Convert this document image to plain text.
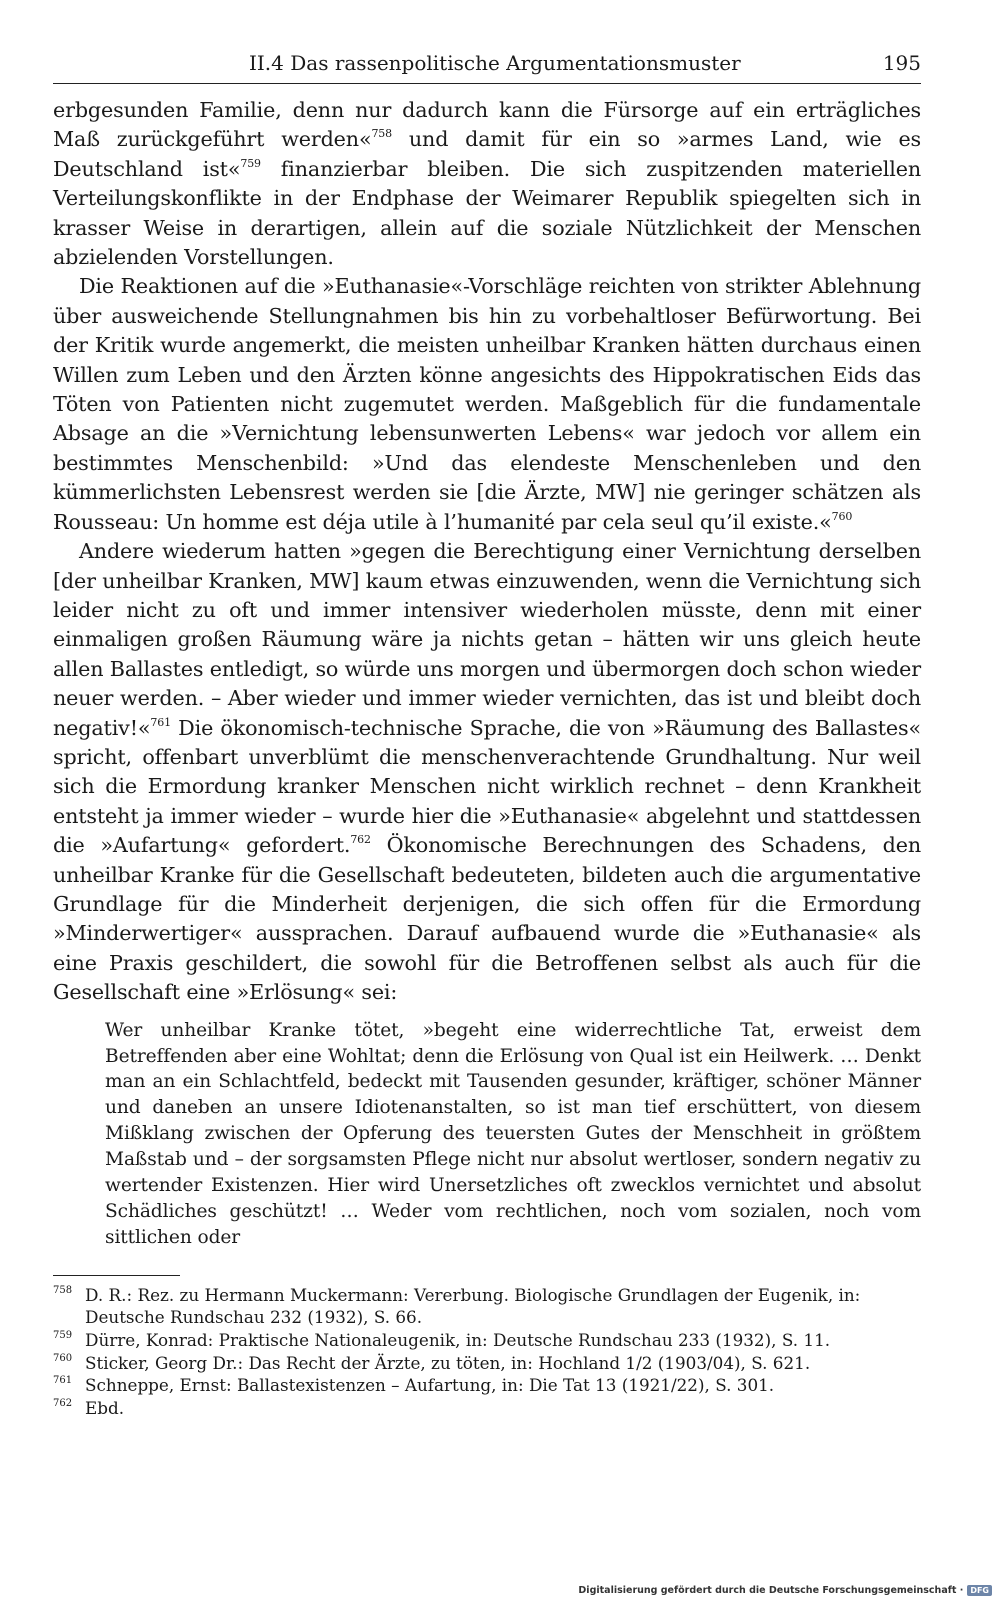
II.4 Das rassenpolitische Argumentationsmuster	195

erbgesunden Familie, denn nur dadurch kann die Fürsorge auf ein erträgliches Maß zurückgeführt werden«$^{758}$ und damit für ein so »armes Land, wie es Deutschland ist«$^{759}$ finanzierbar bleiben. Die sich zuspitzenden materiellen Verteilungskonflikte in der Endphase der Weimarer Republik spiegelten sich in krasser Weise in derartigen, allein auf die soziale Nützlichkeit der Menschen abzielenden Vorstellungen.

Die Reaktionen auf die »Euthanasie«-Vorschläge reichten von strikter Ablehnung über ausweichende Stellungnahmen bis hin zu vorbehaltloser Befürwortung. Bei der Kritik wurde angemerkt, die meisten unheilbar Kranken hätten durchaus einen Willen zum Leben und den Ärzten könne angesichts des Hippokratischen Eids das Töten von Patienten nicht zugemutet werden. Maßgeblich für die fundamentale Absage an die »Vernichtung lebensunwerten Lebens« war jedoch vor allem ein bestimmtes Menschenbild: »Und das elendeste Menschenleben und den kümmerlichsten Lebensrest werden sie [die Ärzte, MW] nie geringer schätzen als Rousseau: Un homme est déja utile à l’humanité par cela seul qu’il existe.«$^{760}$

Andere wiederum hatten »gegen die Berechtigung einer Vernichtung derselben [der unheilbar Kranken, MW] kaum etwas einzuwenden, wenn die Vernichtung sich leider nicht zu oft und immer intensiver wiederholen müsste, denn mit einer einmaligen großen Räumung wäre ja nichts getan – hätten wir uns gleich heute allen Ballastes entledigt, so würde uns morgen und übermorgen doch schon wieder neuer werden. – Aber wieder und immer wieder vernichten, das ist und bleibt doch negativ!«$^{761}$ Die ökonomisch-technische Sprache, die von »Räumung des Ballastes« spricht, offenbart unverblümt die menschenverachtende Grundhaltung. Nur weil sich die Ermordung kranker Menschen nicht wirklich rechnet – denn Krankheit entsteht ja immer wieder – wurde hier die »Euthanasie« abgelehnt und stattdessen die »Aufartung« gefordert.$^{762}$ Ökonomische Berechnungen des Schadens, den unheilbar Kranke für die Gesellschaft bedeuteten, bildeten auch die argumentative Grundlage für die Minderheit derjenigen, die sich offen für die Ermordung »Minderwertiger« aussprachen. Darauf aufbauend wurde die »Euthanasie« als eine Praxis geschildert, die sowohl für die Betroffenen selbst als auch für die Gesellschaft eine »Erlösung« sei:

Wer unheilbar Kranke tötet, »begeht eine widerrechtliche Tat, erweist dem Betreffenden aber eine Wohltat; denn die Erlösung von Qual ist ein Heilwerk. … Denkt man an ein Schlachtfeld, bedeckt mit Tausenden gesunder, kräftiger, schöner Männer und daneben an unsere Idiotenanstalten, so ist man tief erschüttert, von diesem Mißklang zwischen der Opferung des teuersten Gutes der Menschheit in größtem Maßstab und – der sorgsamsten Pflege nicht nur absolut wertloser, sondern negativ zu wertender Existenzen. Hier wird Unersetzliches oft zwecklos vernichtet und absolut Schädliches geschützt! … Weder vom rechtlichen, noch vom sozialen, noch vom sittlichen oder
758 D. R.: Rez. zu Hermann Muckermann: Vererbung. Biologische Grundlagen der Eugenik, in: Deutsche Rundschau 232 (1932), S. 66.
759 Dürre, Konrad: Praktische Nationaleugenik, in: Deutsche Rundschau 233 (1932), S. 11.
760 Sticker, Georg Dr.: Das Recht der Ärzte, zu töten, in: Hochland 1/2 (1903/04), S. 621.
761 Schneppe, Ernst: Ballastexistenzen – Aufartung, in: Die Tat 13 (1921/22), S. 301.
762 Ebd.
Digitalisierung gefördert durch die Deutsche Forschungsgemeinschaft · DFG
